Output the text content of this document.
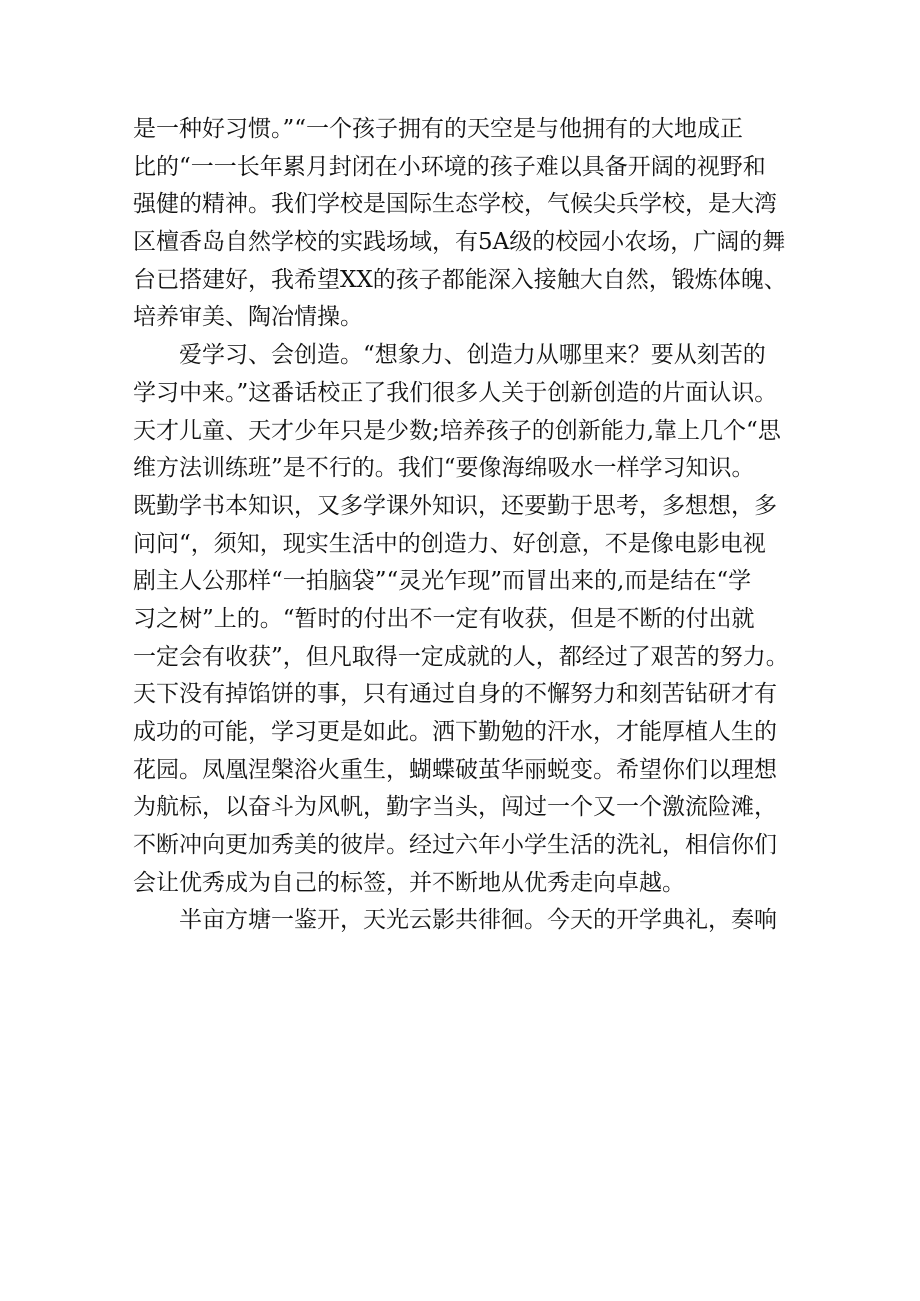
是一种好习惯。”“一个孩子拥有的天空是与他拥有的大地成正
比的“一一长年累月封闭在小环境的孩子难以具备开阔的视野和
强健的精神。我们学校是国际生态学校，气候尖兵学校，是大湾
区檀香岛自然学校的实践场域，有5A级的校园小农场，广阔的舞
台已搭建好，我希望XX的孩子都能深入接触大自然，锻炼体魄、
培养审美、陶冶情操。
　　爱学习、会创造。“想象力、创造力从哪里来？要从刻苦的
学习中来。”这番话校正了我们很多人关于创新创造的片面认识。
天才儿童、天才少年只是少数;培养孩子的创新能力,靠上几个“思
维方法训练班”是不行的。我们“要像海绵吸水一样学习知识。
既勤学书本知识，又多学课外知识，还要勤于思考，多想想，多
问问“，须知，现实生活中的创造力、好创意，不是像电影电视
剧主人公那样“一拍脑袋”“灵光乍现”而冒出来的,而是结在“学
习之树”上的。“暂时的付出不一定有收获，但是不断的付出就
一定会有收获”，但凡取得一定成就的人，都经过了艰苦的努力。
天下没有掉馅饼的事，只有通过自身的不懈努力和刻苦钻研才有
成功的可能，学习更是如此。洒下勤勉的汗水，才能厚植人生的
花园。凤凰涅槃浴火重生，蝴蝶破茧华丽蜕变。希望你们以理想
为航标，以奋斗为风帆，勤字当头，闯过一个又一个激流险滩，
不断冲向更加秀美的彼岸。经过六年小学生活的洗礼，相信你们
会让优秀成为自己的标签，并不断地从优秀走向卓越。
　　半亩方塘一鉴开，天光云影共徘徊。今天的开学典礼，奏响
